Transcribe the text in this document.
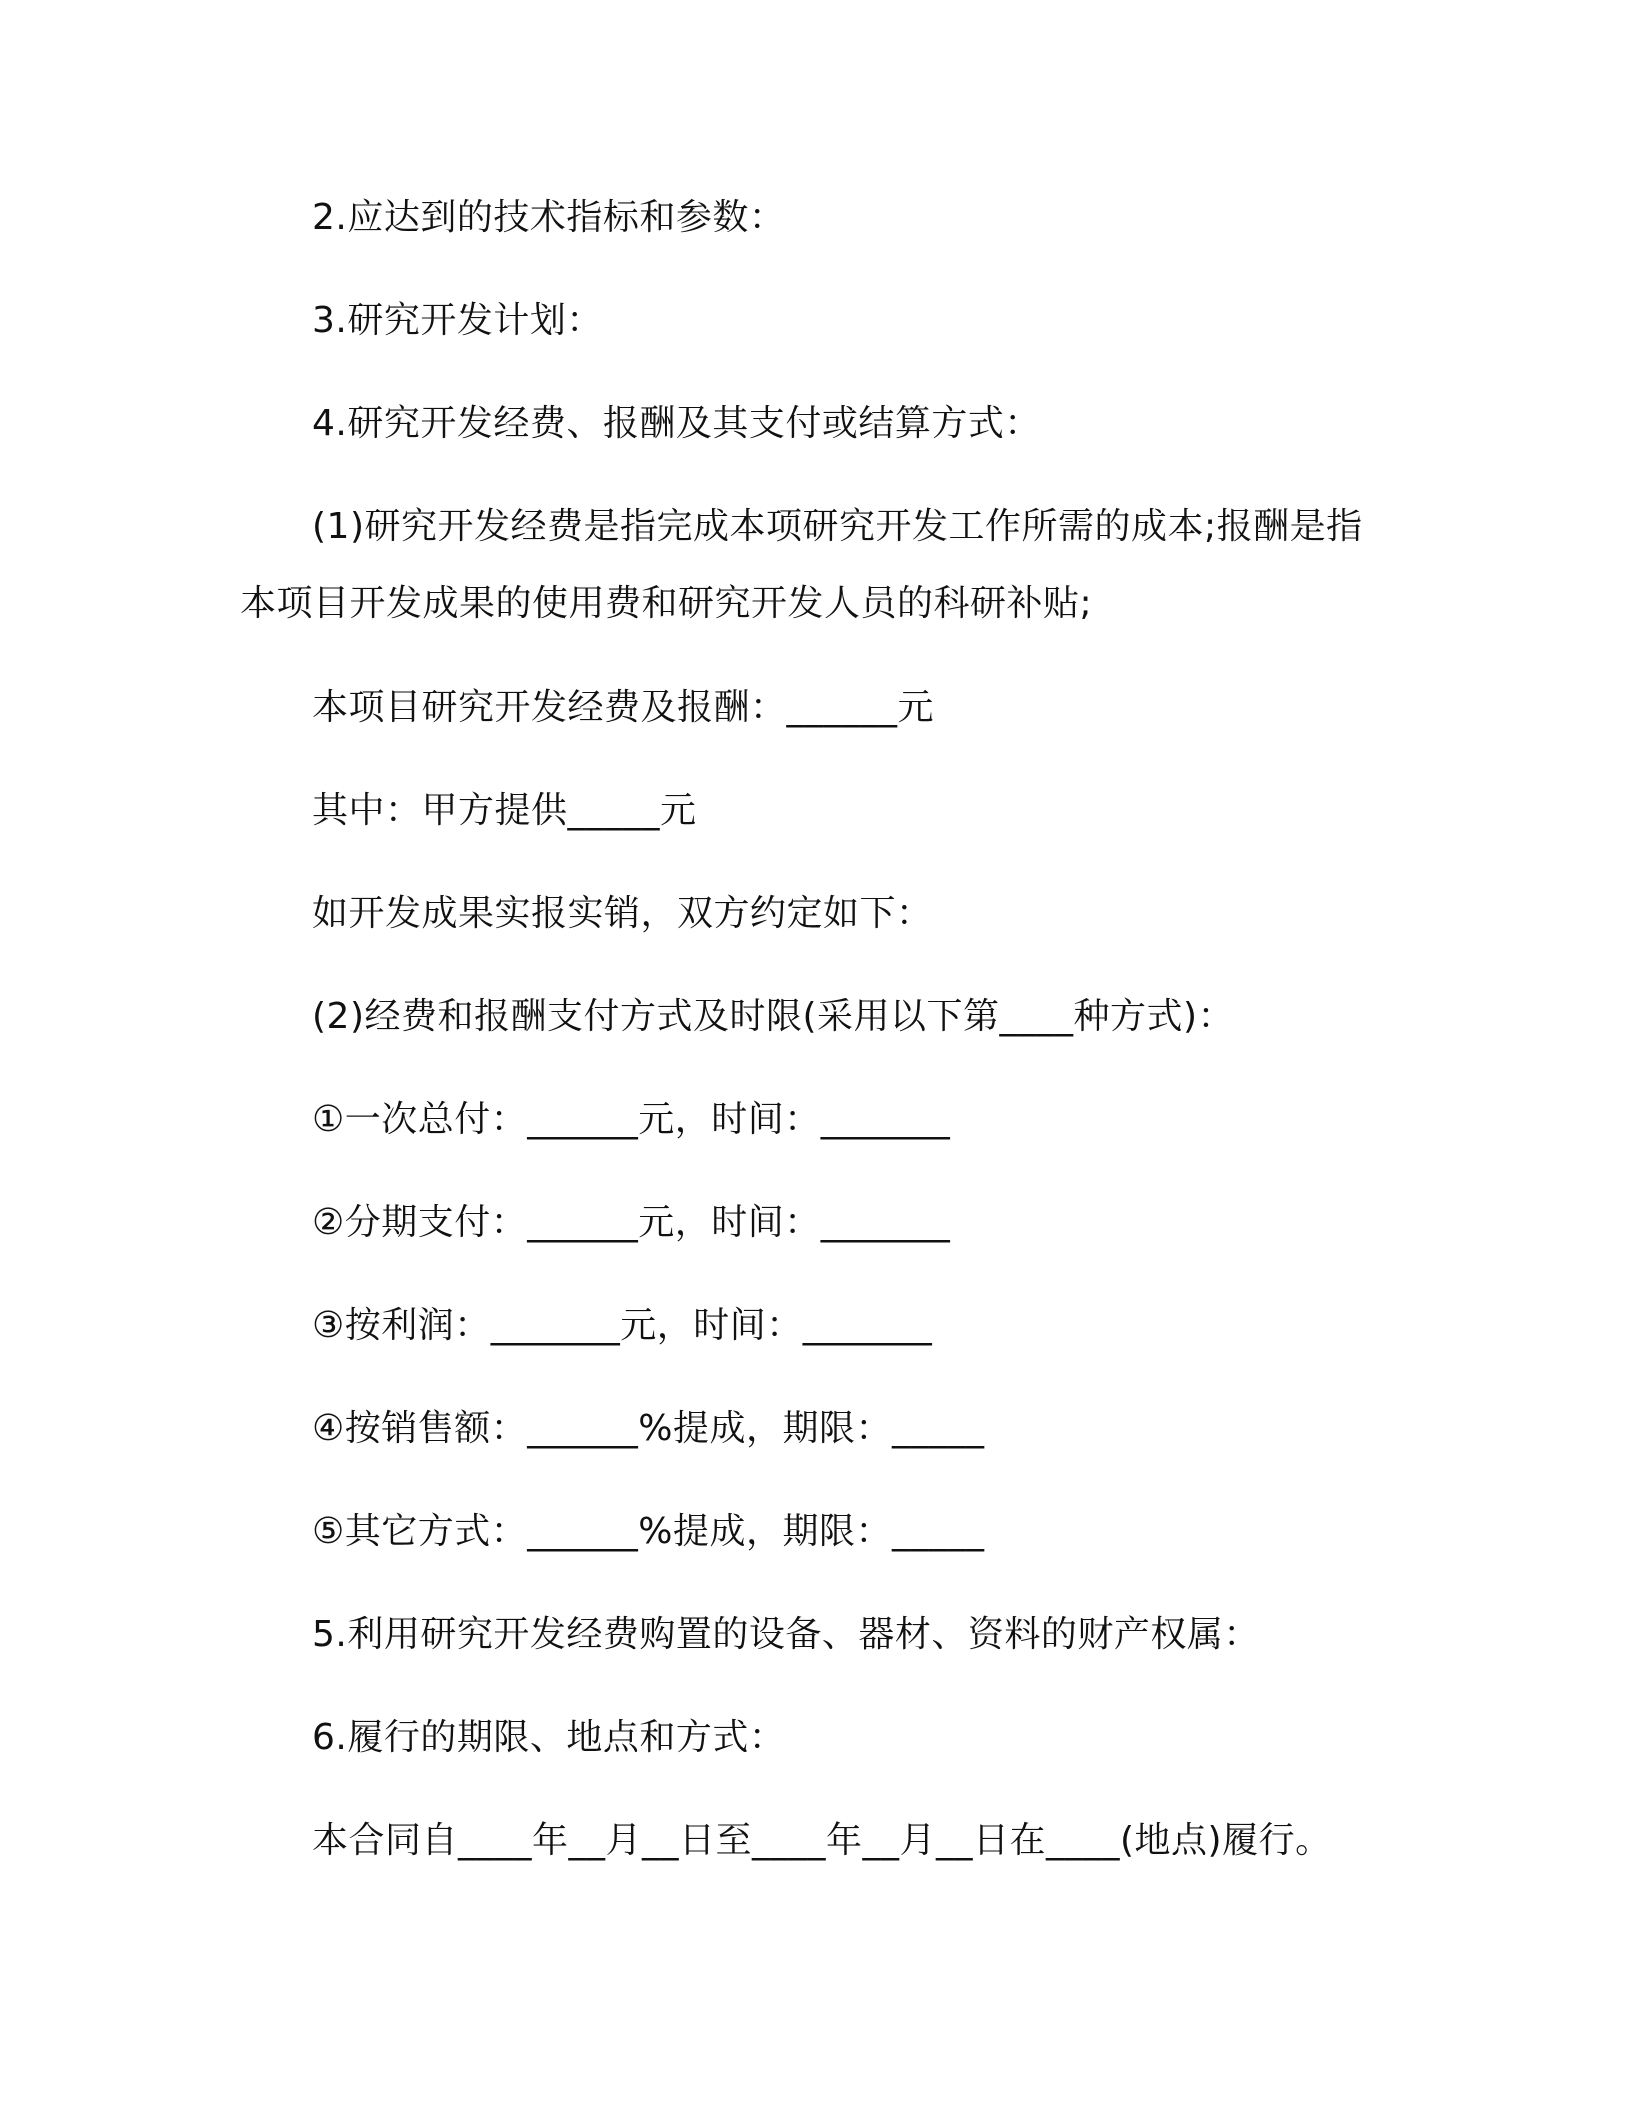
2.应达到的技术指标和参数：
3.研究开发计划：
4.研究开发经费、报酬及其支付或结算方式：
(1)研究开发经费是指完成本项研究开发工作所需的成本;报酬是指
本项目开发成果的使用费和研究开发人员的科研补贴;
本项目研究开发经费及报酬：______元
其中：甲方提供_____元
如开发成果实报实销，双方约定如下：
(2)经费和报酬支付方式及时限(采用以下第____种方式)：
①一次总付：______元，时间：_______
②分期支付：______元，时间：_______
③按利润：_______元，时间：_______
④按销售额：______%提成，期限：_____
⑤其它方式：______%提成，期限：_____
5.利用研究开发经费购置的设备、器材、资料的财产权属：
6.履行的期限、地点和方式：
本合同自____年__月__日至____年__月__日在____(地点)履行。
